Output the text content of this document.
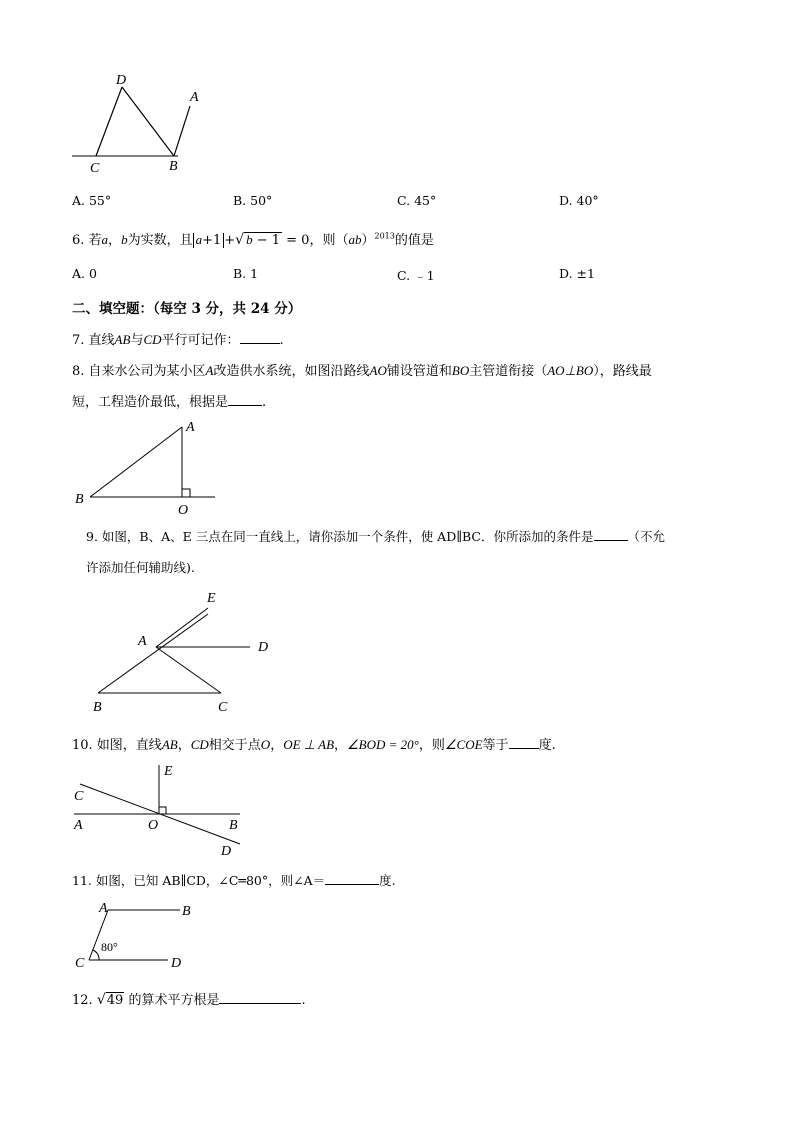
D
A
C	B
A. 55°	B. 50°	C. 45°	D. 40°
6. 若a，b为实数，且 a+1 +√ b − 1 = 0，则（ab）$^{2013}$的值是
A. 0	B. 1	C. ﹣1	D. ±1
二、填空题：（每空 3 分，共 24 分）
7. 直线AB与CD平行可记作：	.
8. 自来水公司为某小区A改造供水系统，如图沿路线AO铺设管道和BO主管道衔接（AO⊥BO），路线最
短，工程造价最低，根据是	.
A
B
O
9. 如图，B、A、E 三点在同一直线上，请你添加一个条件，使 AD∥BC．你所添加的条件是	（不允
许添加任何辅助线).
E
A	D
B	C
10. 如图，直线AB，CD相交于点O，OE ⊥ AB，∠BOD = 20°，则∠COE等于 度.
E
C
A	O	B
D
11. 如图，已知 AB∥CD，∠C═80°，则∠A＝	度.
A	B
C	D
80°
12. √49 的算术平方根是	.
